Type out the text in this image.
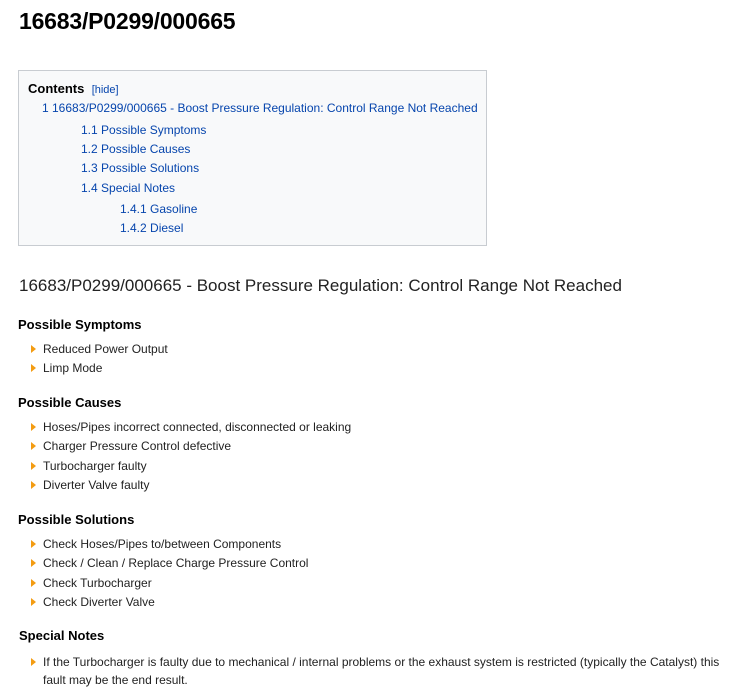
16683/P0299/000665
Contents [hide]
1 16683/P0299/000665 - Boost Pressure Regulation: Control Range Not Reached
1.1 Possible Symptoms
1.2 Possible Causes
1.3 Possible Solutions
1.4 Special Notes
1.4.1 Gasoline
1.4.2 Diesel
16683/P0299/000665 - Boost Pressure Regulation: Control Range Not Reached
Possible Symptoms
Reduced Power Output
Limp Mode
Possible Causes
Hoses/Pipes incorrect connected, disconnected or leaking
Charger Pressure Control defective
Turbocharger faulty
Diverter Valve faulty
Possible Solutions
Check Hoses/Pipes to/between Components
Check / Clean / Replace Charge Pressure Control
Check Turbocharger
Check Diverter Valve
Special Notes
If the Turbocharger is faulty due to mechanical / internal problems or the exhaust system is restricted (typically the Catalyst) this fault may be the end result.
